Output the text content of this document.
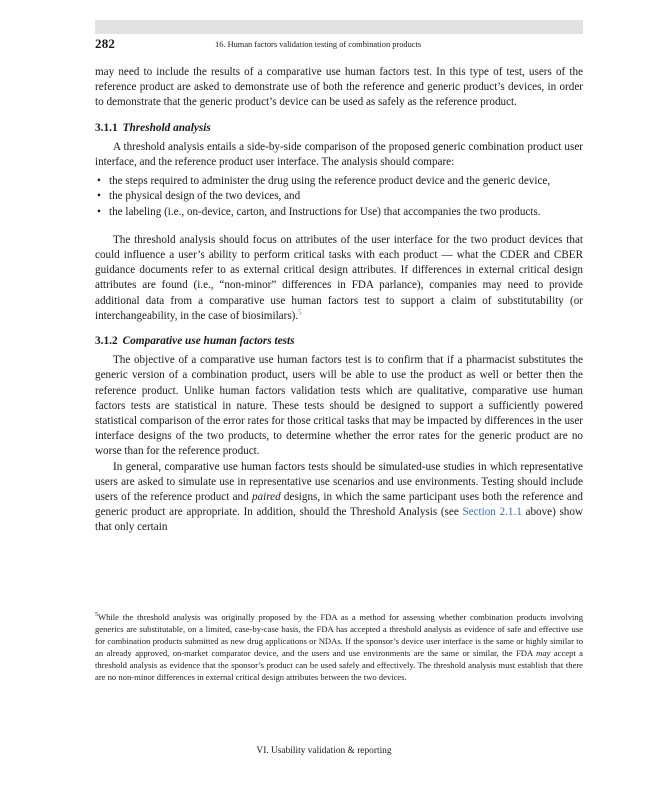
282	16. Human factors validation testing of combination products

may need to include the results of a comparative use human factors test. In this type of test, users of the reference product are asked to demonstrate use of both the reference and generic product’s devices, in order to demonstrate that the generic product’s device can be used as safely as the reference product.

3.1.1 Threshold analysis

A threshold analysis entails a side-by-side comparison of the proposed generic combination product user interface, and the reference product user interface. The analysis should compare:

• the steps required to administer the drug using the reference product device and the generic device,
• the physical design of the two devices, and
• the labeling (i.e., on-device, carton, and Instructions for Use) that accompanies the two products.

The threshold analysis should focus on attributes of the user interface for the two product devices that could influence a user’s ability to perform critical tasks with each product — what the CDER and CBER guidance documents refer to as external critical design attributes. If differences in external critical design attributes are found (i.e., “non-minor” differences in FDA parlance), companies may need to provide additional data from a comparative use human factors test to support a claim of substitutability (or interchangeability, in the case of biosimilars).$^5$

3.1.2 Comparative use human factors tests

The objective of a comparative use human factors test is to confirm that if a pharmacist substitutes the generic version of a combination product, users will be able to use the product as well or better then the reference product. Unlike human factors validation tests which are qualitative, comparative use human factors tests are statistical in nature. These tests should be designed to support a sufficiently powered statistical comparison of the error rates for those critical tasks that may be impacted by differences in the user interface designs of the two products, to determine whether the error rates for the generic product are no worse than for the reference product.

In general, comparative use human factors tests should be simulated-use studies in which representative users are asked to simulate use in representative use scenarios and use environments. Testing should include users of the reference product and paired designs, in which the same participant uses both the reference and generic product are appropriate. In addition, should the Threshold Analysis (see Section 2.1.1 above) show that only certain

$^5$While the threshold analysis was originally proposed by the FDA as a method for assessing whether combination products involving generics are substitutable, on a limited, case-by-case basis, the FDA has accepted a threshold analysis as evidence of safe and effective use for combination products submitted as new drug applications or NDAs. If the sponsor’s device user interface is the same or highly similar to an already approved, on-market comparator device, and the users and use environments are the same or similar, the FDA may accept a threshold analysis as evidence that the sponsor’s product can be used safely and effectively. The threshold analysis must establish that there are no non-minor differences in external critical design attributes between the two devices.
VI. Usability validation & reporting
